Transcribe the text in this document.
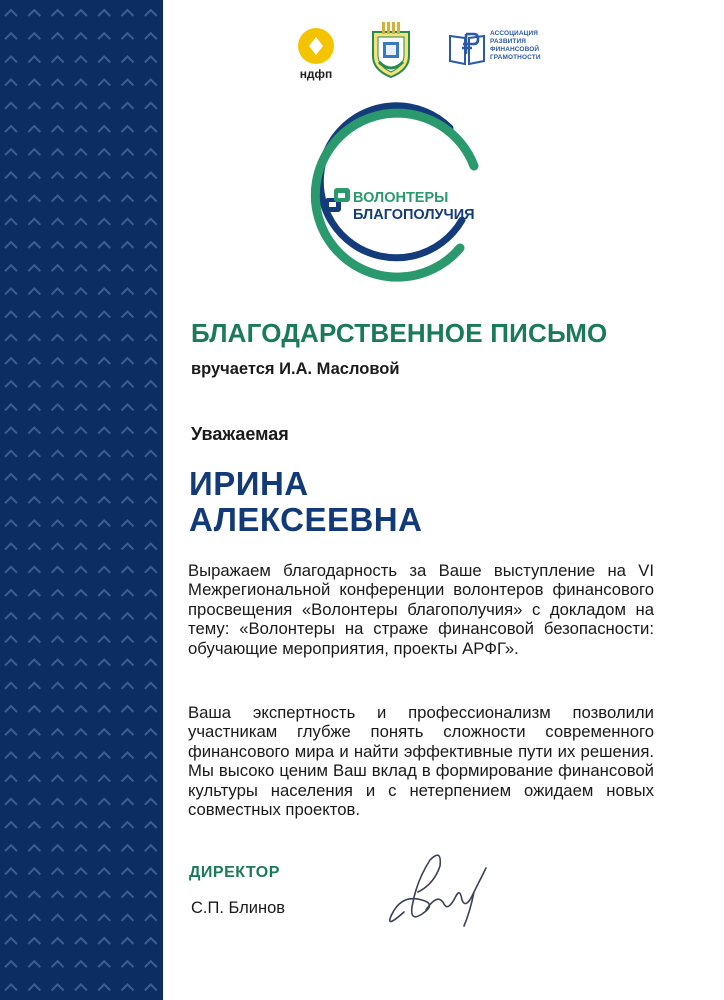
ндфп
АССОЦИАЦИЯ
РАЗВИТИЯ
ФИНАНСОВОЙ
ГРАМОТНОСТИ
ВОЛОНТЕРЫ
БЛАГОПОЛУЧИЯ
БЛАГОДАРСТВЕННОЕ ПИСЬМО
вручается И.А. Масловой
Уважаемая
ИРИНА
АЛЕКСЕЕВНА
Выражаем благодарность за Ваше выступление на VI Межрегиональной конференции волонтеров финансового просвещения «Волонтеры благополучия» с докладом на тему: «Волонтеры на страже финансовой безопасности: обучающие мероприятия, проекты АРФГ».
Ваша экспертность и профессионализм позволили участникам глубже понять сложности современного финансового мира и найти эффективные пути их решения. Мы высоко ценим Ваш вклад в формирование финансовой культуры населения и с нетерпением ожидаем новых совместных проектов.
ДИРЕКТОР
С.П. Блинов
